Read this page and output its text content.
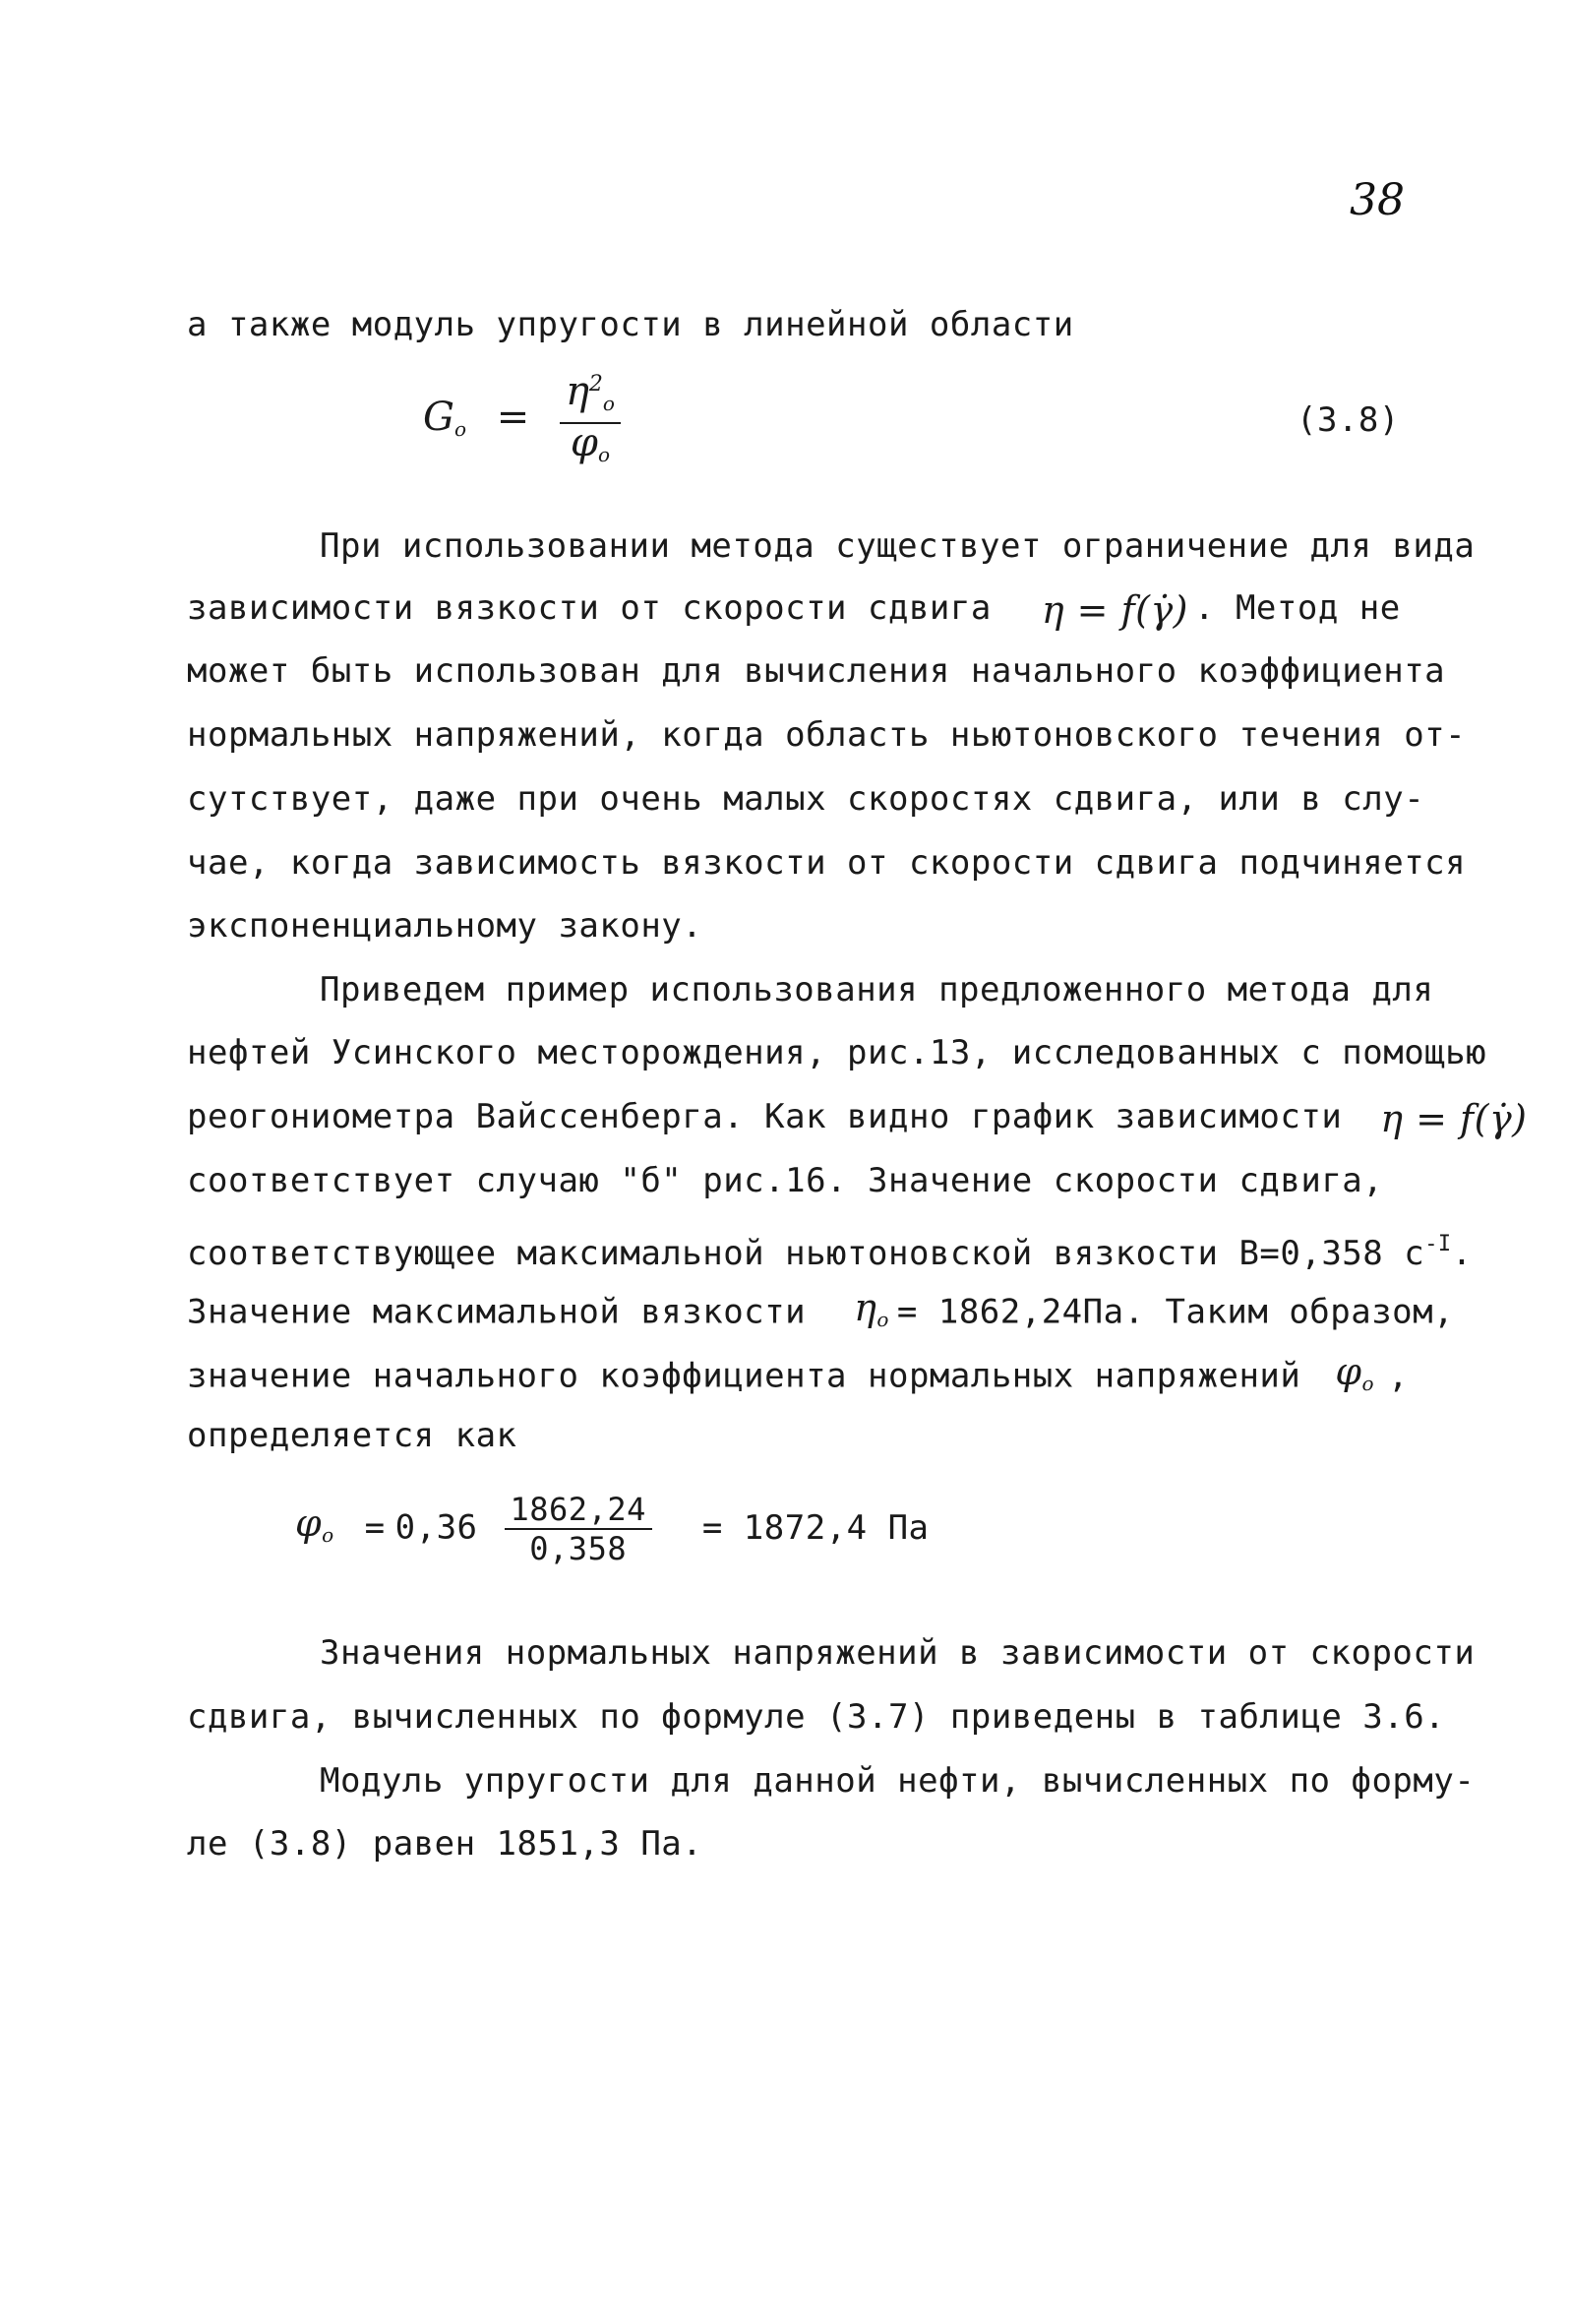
38
а также модуль упругости в линейной области
$G_o = \frac{\eta^2_o}{\varphi_o}$	(3.8)
При использовании метода существует ограничение для вида
зависимости вязкости от скорости сдвига η = f(γ̇) . Метод не
может быть использован для вычисления начального коэффициента
нормальных напряжений, когда область ньютоновского течения от-
сутствует, даже при очень малых скоростях сдвига, или в слу-
чае, когда зависимость вязкости от скорости сдвига подчиняется
экспоненциальному закону.
Приведем пример использования предложенного метода для
нефтей Усинского месторождения, рис.13, исследованных с помощью
реогониометра Вайссенберга. Как видно график зависимости η = f(γ̇)
соответствует случаю "б" рис.16. Значение скорости сдвига,
соответствующее максимальной ньютоновской вязкости В=0,358 $с^{-I}$.
Значение максимальной вязкости $\eta_o = 1862,24Па$. Таким образом,
значение начального коэффициента нормальных напряжений $\varphi_o$ ,
определяется как
$\varphi_o = 0,36 \frac{1862,24}{0,358} = 1872,4$ Па
Значения нормальных напряжений в зависимости от скорости
сдвига, вычисленных по формуле (3.7) приведены в таблице 3.6.
Модуль упругости для данной нефти, вычисленных по форму-
ле (3.8) равен 1851,3 Па.
